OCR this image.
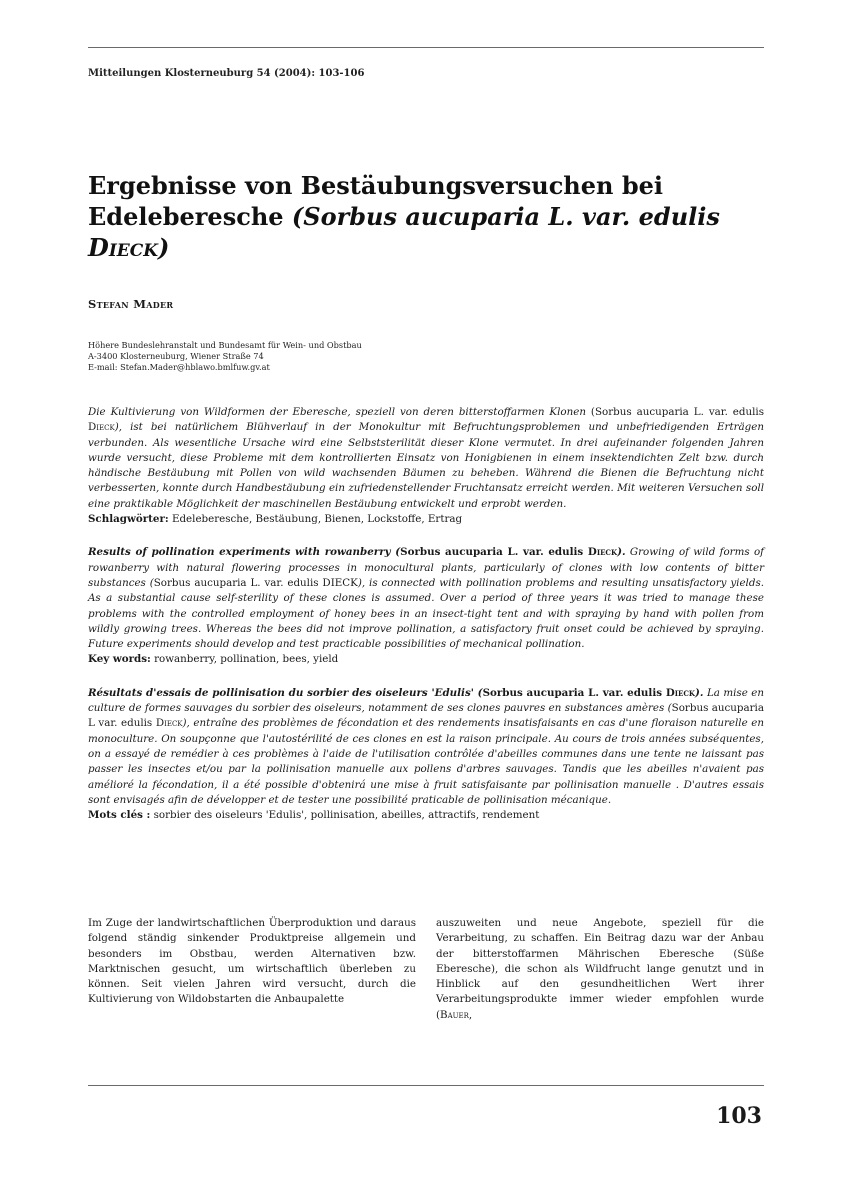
Mitteilungen Klosterneuburg 54 (2004): 103-106
Ergebnisse von Bestäubungsversuchen bei
Edeleberesche (Sorbus aucuparia L. var. edulis Dieck)
Stefan Mader
Höhere Bundeslehranstalt und Bundesamt für Wein- und Obstbau
A-3400 Klosterneuburg, Wiener Straße 74
E-mail: Stefan.Mader@hblawo.bmlfuw.gv.at

Die Kultivierung von Wildformen der Eberesche, speziell von deren bitterstoffarmen Klonen (Sorbus aucuparia L. var. edulis Dieck), ist bei natürlichem Blühverlauf in der Monokultur mit Befruchtungsproblemen und unbefriedigenden Erträgen verbunden. Als wesentliche Ursache wird eine Selbststerilität dieser Klone vermutet. In drei aufeinander folgenden Jahren wurde versucht, diese Probleme mit dem kontrollierten Einsatz von Honigbienen in einem insektendichten Zelt bzw. durch händische Bestäubung mit Pollen von wild wachsenden Bäumen zu beheben. Während die Bienen die Befruchtung nicht verbesserten, konnte durch Handbestäubung ein zufriedenstellender Fruchtansatz erreicht werden. Mit weiteren Versuchen soll eine praktikable Möglichkeit der maschinellen Bestäubung entwickelt und erprobt werden.

Schlagwörter: Edeleberesche, Bestäubung, Bienen, Lockstoffe, Ertrag

Results of pollination experiments with rowanberry (Sorbus aucuparia L. var. edulis Dieck). Growing of wild forms of rowanberry with natural flowering processes in monocultural plants, particularly of clones with low contents of bitter substances (Sorbus aucuparia L. var. edulis DIECK), is connected with pollination problems and resulting unsatisfactory yields. As a substantial cause self-sterility of these clones is assumed. Over a period of three years it was tried to manage these problems with the controlled employment of honey bees in an insect-tight tent and with spraying by hand with pollen from wildly growing trees. Whereas the bees did not improve pollination, a satisfactory fruit onset could be achieved by spraying. Future experiments should develop and test practicable possibilities of mechanical pollination.

Key words: rowanberry, pollination, bees, yield

Résultats d'essais de pollinisation du sorbier des oiseleurs 'Edulis' (Sorbus aucuparia L. var. edulis Dieck). La mise en culture de formes sauvages du sorbier des oiseleurs, notamment de ses clones pauvres en substances amères (Sorbus aucuparia L var. edulis Dieck), entraîne des problèmes de fécondation et des rendements insatisfaisants en cas d'une floraison naturelle en monoculture. On soupçonne que l'autostérilité de ces clones en est la raison principale. Au cours de trois années subséquentes, on a essayé de remédier à ces problèmes à l'aide de l'utilisation contrôlée d'abeilles communes dans une tente ne laissant pas passer les insectes et/ou par la pollinisation manuelle aux pollens d'arbres sauvages. Tandis que les abeilles n'avaient pas amélioré la fécondation, il a été possible d'obtenirá une mise à fruit satisfaisante par pollinisation manuelle . D'autres essais sont envisagés afin de développer et de tester une possibilité praticable de pollinisation mécanique.

Mots clés : sorbier des oiseleurs 'Edulis', pollinisation, abeilles, attractifs, rendement

Im Zuge der landwirtschaftlichen Überproduktion und daraus folgend ständig sinkender Produktpreise allgemein und besonders im Obstbau, werden Alternativen bzw. Marktnischen gesucht, um wirtschaftlich überleben zu können. Seit vielen Jahren wird versucht, durch die Kultivierung von Wildobstarten die Anbaupalette
auszuweiten und neue Angebote, speziell für die Verarbeitung, zu schaffen. Ein Beitrag dazu war der Anbau der bitterstoffarmen Mährischen Eberesche (Süße Eberesche), die schon als Wildfrucht lange genutzt und in Hinblick auf den gesundheitlichen Wert ihrer Verarbeitungsprodukte immer wieder empfohlen wurde (Bauer,
103
